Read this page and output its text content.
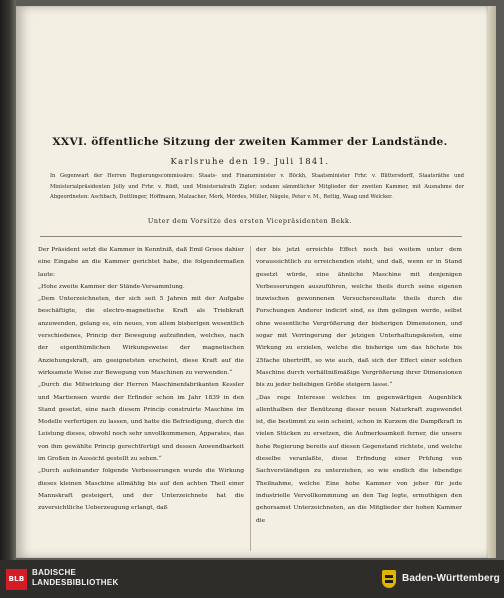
XXVI. öffentliche Sitzung der zweiten Kammer der Landstände.
Karlsruhe den 19. Juli 1841.
In Gegenwart der Herren Regierungscommissäre: Staats- und Finanzminister v. Böckh, Staatsminister Frhr. v. Blittersdorff, Staatsräthe und Ministerialpräsidenten Jolly und Frhr. v. Rüdt, und Ministerialrath Zigler; sodann sämmtlicher Mitglieder der zweiten Kammer, mit Ausnahme der Abgeordneten: Aschbach, Duttlinger, Hoffmann, Malzacher, Merk, Mördes, Müller, Nägele, Peter v. M., Rettig, Waag und Welcker.
Unter dem Vorsitze des ersten Vicepräsidenten Bekk.

Der Präsident setzt die Kammer in Kenntniß, daß Emil Groos dahier eine Eingabe an die Kammer gerichtet habe, die folgendermaßen laute:

„Hohe zweite Kammer der Stände-Versammlung.

„Dem Unterzeichneten, der sich seit 5 Jahren mit der Aufgabe beschäftigte, die electro-magnetische Kraft als Triebkraft anzuwenden, gelang es, ein neues, von allem bisherigen wesentlich verschiedenes, Princip der Bewegung aufzufinden, welches, nach der eigenthümlichen Wirkungsweise der magnetischen Anziehungskraft, am geeignetsten erscheint, diese Kraft auf die wirksamste Weise zur Bewegung von Maschinen zu verwenden.“

„Durch die Mitwirkung der Herren Maschinenfabrikanten Kessler und Martiensen wurde der Erfinder schon im Jahr 1839 in den Stand gesetzt, eine nach diesem Princip construirte Maschine im Modelle verfertigen zu lassen, und hatte die Befriedigung, durch die Leistung dieses, obwohl noch sehr unvollkommenen, Apparates, das von ihm gewählte Princip gerechtfertigt und dessen Anwendbarkeit im Großen in Aussicht gestellt zu sehen.“

„Durch aufeinander folgende Verbesserungen wurde die Wirkung dieses kleinen Maschine allmählig bis auf den achten Theil einer Mannskraft gesteigert, und der Unterzeichnete hat die zuversichtliche Ueberzeugung erlangt, daß

der bis jetzt erreichte Effect noch bei weitem unter dem voraussichtlich zu erreichenden steht, und daß, wenn er in Stand gesetzt würde, eine ähnliche Maschine mit denjenigen Verbesserungen auszuführen, welche theils durch seine eigenen inzwischen gewonnenen Versuchsresultate theils durch die Forschungen Anderer indicirt sind, es ihm gelingen werde, selbst ohne wesentliche Vergrößerung der bisherigen Dimensionen, und sogar mit Verringerung der jetzigen Unterhaltungskosten, eine Wirkung zu erzielen, welche die bisherige um das höchste bis 25fache übertrifft, so wie auch, daß sich der Effect einer solchen Maschine durch verhältnißmäßige Vergrößerung ihrer Dimensionen bis zu jeder beliebigen Größe steigern lasse.“

„Das rege Interesse welches im gegenwärtigen Augenblick allenthalben der Benützung dieser neuen Naturkraft zugewendet ist, die bestimmt zu sein scheint, schon in Kurzem die Dampfkraft in vielen Stücken zu ersetzen, die Aufmerksamkeit ferner, die unsere hohe Regierung bereits auf diesen Gegenstand richtete, und welche dieselbe veranlaßte, diese Erfindung einer Prüfung von Sachverständigen zu unterziehen, so wie endlich die lebendige Theilnahme, welche Eine hohe Kammer von jeher für jede industrielle Vervollkommnung an den Tag legte, ermuthigen den gehorsamst Unterzeichneten, an die Mitglieder der hohen Kammer die

BLB
BADISCHE
LANDESBIBLIOTHEK	Baden-Württemberg
